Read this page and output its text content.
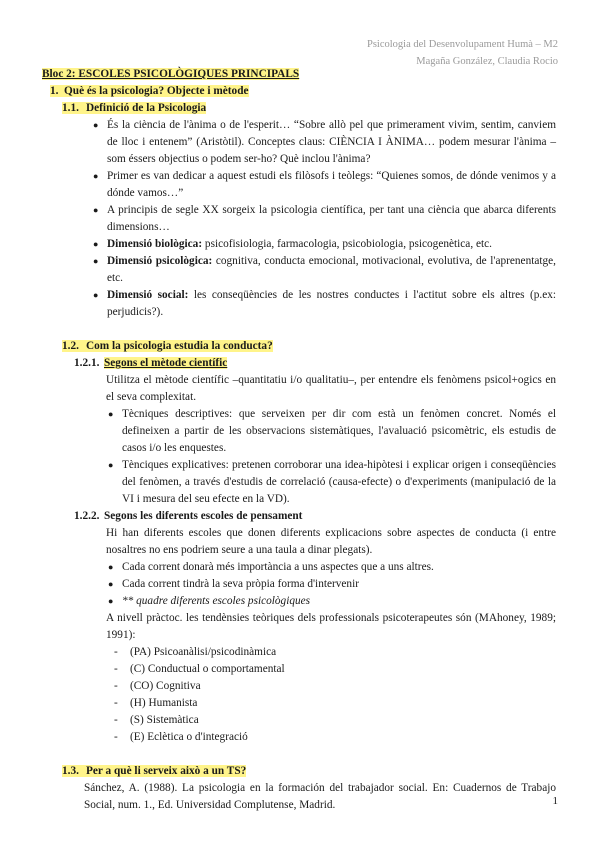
Psicologia del Desenvolupament Humà – M2
Magaña González, Claudia Rocio

Bloc 2: ESCOLES PSICOLÒGIQUES PRINCIPALS

1. Què és la psicologia? Objecte i mètode

1.1. Definició de la Psicologia

● És la ciència de l'ànima o de l'esperit… “Sobre allò pel que primerament vivim, sentim, canviem de lloc i entenem” (Aristòtil). Conceptes claus: CIÈNCIA I ÀNIMA… podem mesurar l'ànima –som éssers objectius o podem ser-ho? Què inclou l'ànima?
● Primer es van dedicar a aquest estudi els filòsofs i teòlegs: “Quienes somos, de dónde venimos y a dónde vamos…”
● A principis de segle XX sorgeix la psicologia científica, per tant una ciència que abarca diferents dimensions…
● Dimensió biològica: psicofisiologia, farmacologia, psicobiologia, psicogenètica, etc.
● Dimensió psicològica: cognitiva, conducta emocional, motivacional, evolutiva, de l'aprenentatge, etc.
● Dimensió social: les conseqüències de les nostres conductes i l'actitut sobre els altres (p.ex: perjudicis?).

1.2. Com la psicologia estudia la conducta?

1.2.1. Segons el mètode científic

Utilitza el mètode científic –quantitatiu i/o qualitatiu–, per entendre els fenòmens psicol+ogics en el seva complexitat.

● Tècniques descriptives: que serveixen per dir com està un fenòmen concret. Només el defineixen a partir de les observacions sistemàtiques, l'avaluació psicomètric, els estudis de casos i/o les enquestes.
● Tènciques explicatives: pretenen corroborar una idea-hipòtesi i explicar origen i conseqüències del fenòmen, a través d'estudis de correlació (causa-efecte) o d'experiments (manipulació de la VI i mesura del seu efecte en la VD).

1.2.2. Segons les diferents escoles de pensament

Hi han diferents escoles que donen diferents explicacions sobre aspectes de conducta (i entre nosaltres no ens podriem seure a una taula a dinar plegats).

● Cada corrent donarà més importància a uns aspectes que a uns altres.
● Cada corrent tindrà la seva pròpia forma d'intervenir
● ** quadre diferents escoles psicològiques

A nivell pràctoc. les tendènsies teòriques dels professionals psicoterapeutes són (MAhoney, 1989; 1991):

- (PA) Psicoanàlisi/psicodinàmica
- (C) Conductual o comportamental
- (CO) Cognitiva
- (H) Humanista
- (S) Sistemàtica
- (E) Eclètica o d'integració

1.3. Per a què li serveix això a un TS?

Sánchez, A. (1988). La psicologia en la formación del trabajador social. En: Cuadernos de Trabajo Social, num. 1., Ed. Universidad Complutense, Madrid.	1
